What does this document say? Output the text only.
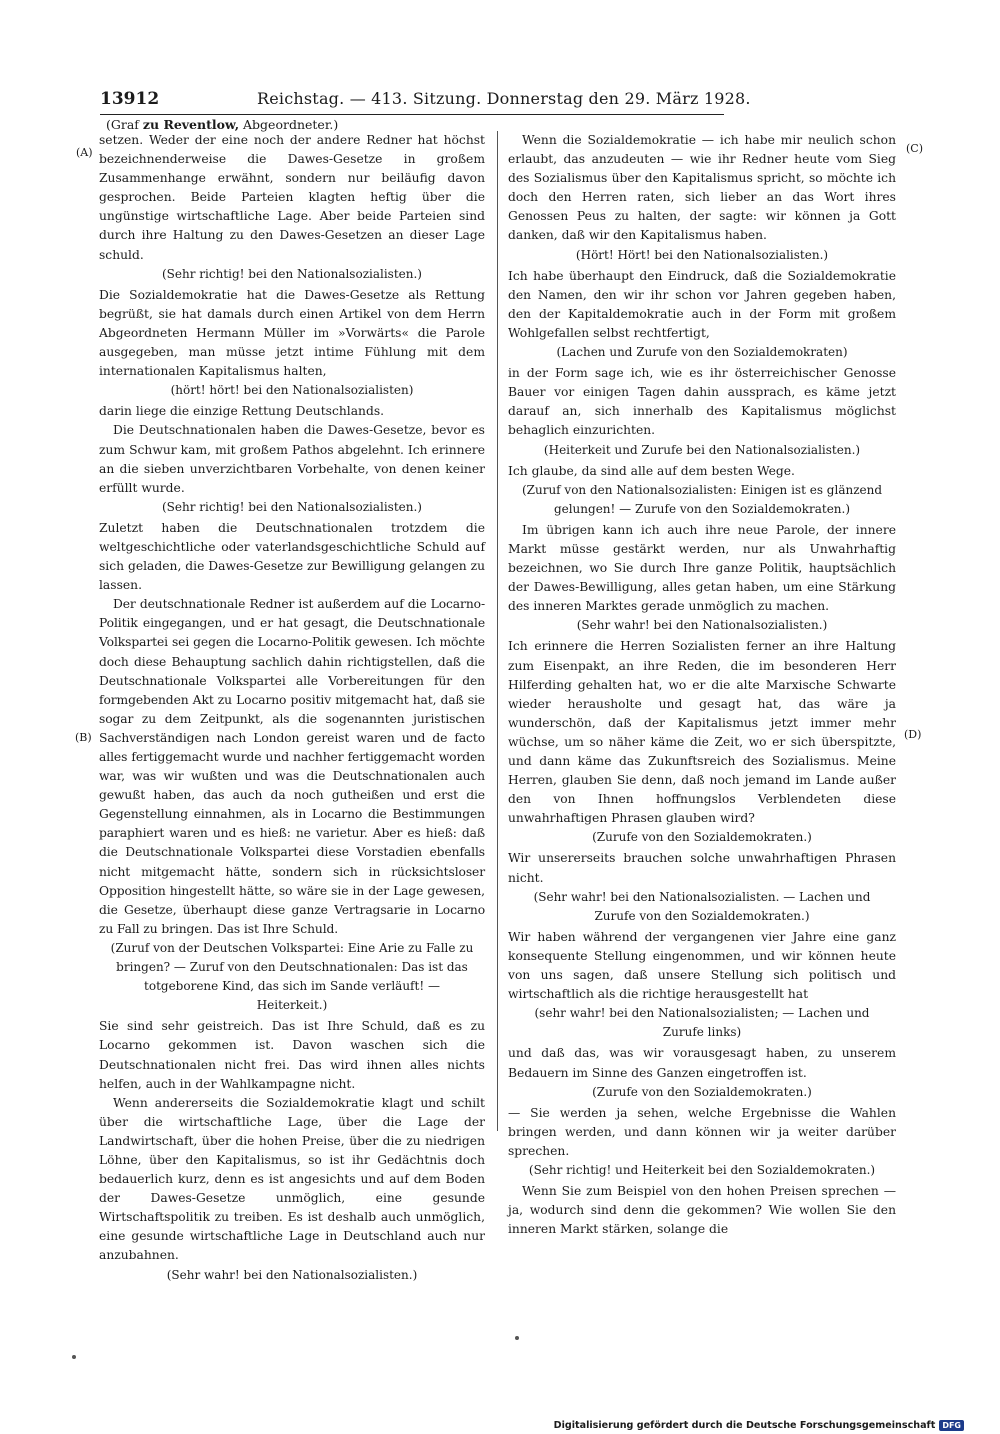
13912	Reichstag. — 413. Sitzung. Donnerstag den 29. März 1928.
(Graf zu Reventlow, Abgeordneter.)
(A)
(B)
(C)
(D)

setzen. Weder der eine noch der andere Redner hat höchst bezeichnenderweise die Dawes-Gesetze in großem Zusammenhange erwähnt, sondern nur beiläufig davon gesprochen. Beide Parteien klagten heftig über die ungünstige wirtschaftliche Lage. Aber beide Parteien sind durch ihre Haltung zu den Dawes-Gesetzen an dieser Lage schuld.

(Sehr richtig! bei den Nationalsozialisten.)

Die Sozialdemokratie hat die Dawes-Gesetze als Rettung begrüßt, sie hat damals durch einen Artikel von dem Herrn Abgeordneten Hermann Müller im »Vorwärts« die Parole ausgegeben, man müsse jetzt intime Fühlung mit dem internationalen Kapitalismus halten,

(hört! hört! bei den Nationalsozialisten)

darin liege die einzige Rettung Deutschlands.

Die Deutschnationalen haben die Dawes-Gesetze, bevor es zum Schwur kam, mit großem Pathos abgelehnt. Ich erinnere an die sieben unverzichtbaren Vorbehalte, von denen keiner erfüllt wurde.

(Sehr richtig! bei den Nationalsozialisten.)

Zuletzt haben die Deutschnationalen trotzdem die weltgeschichtliche oder vaterlandsgeschichtliche Schuld auf sich geladen, die Dawes-Gesetze zur Bewilligung gelangen zu lassen.

Der deutschnationale Redner ist außerdem auf die Locarno-Politik eingegangen, und er hat gesagt, die Deutschnationale Volkspartei sei gegen die Locarno-Politik gewesen. Ich möchte doch diese Behauptung sachlich dahin richtigstellen, daß die Deutschnationale Volkspartei alle Vorbereitungen für den formgebenden Akt zu Locarno positiv mitgemacht hat, daß sie sogar zu dem Zeitpunkt, als die sogenannten juristischen Sachverständigen nach London gereist waren und de facto alles fertiggemacht wurde und nachher fertiggemacht worden war, was wir wußten und was die Deutschnationalen auch gewußt haben, das auch da noch gutheißen und erst die Gegenstellung einnahmen, als in Locarno die Bestimmungen paraphiert waren und es hieß: ne varietur. Aber es hieß: daß die Deutschnationale Volkspartei diese Vorstadien ebenfalls nicht mitgemacht hätte, sondern sich in rücksichtsloser Opposition hingestellt hätte, so wäre sie in der Lage gewesen, die Gesetze, überhaupt diese ganze Vertragsarie in Locarno zu Fall zu bringen. Das ist Ihre Schuld.

(Zuruf von der Deutschen Volkspartei: Eine Arie zu Falle zu bringen? — Zuruf von den Deutschnationalen: Das ist das totgeborene Kind, das sich im Sande verläuft! — Heiterkeit.)

Sie sind sehr geistreich. Das ist Ihre Schuld, daß es zu Locarno gekommen ist. Davon waschen sich die Deutschnationalen nicht frei. Das wird ihnen alles nichts helfen, auch in der Wahlkampagne nicht.

Wenn andererseits die Sozialdemokratie klagt und schilt über die wirtschaftliche Lage, über die Lage der Landwirtschaft, über die hohen Preise, über die zu niedrigen Löhne, über den Kapitalismus, so ist ihr Gedächtnis doch bedauerlich kurz, denn es ist angesichts und auf dem Boden der Dawes-Gesetze unmöglich, eine gesunde Wirtschaftspolitik zu treiben. Es ist deshalb auch unmöglich, eine gesunde wirtschaftliche Lage in Deutschland auch nur anzubahnen.

(Sehr wahr! bei den Nationalsozialisten.)

Wenn die Sozialdemokratie — ich habe mir neulich schon erlaubt, das anzudeuten — wie ihr Redner heute vom Sieg des Sozialismus über den Kapitalismus spricht, so möchte ich doch den Herren raten, sich lieber an das Wort ihres Genossen Peus zu halten, der sagte: wir können ja Gott danken, daß wir den Kapitalismus haben.

(Hört! Hört! bei den Nationalsozialisten.)

Ich habe überhaupt den Eindruck, daß die Sozialdemokratie den Namen, den wir ihr schon vor Jahren gegeben haben, den der Kapitaldemokratie auch in der Form mit großem Wohlgefallen selbst rechtfertigt,

(Lachen und Zurufe von den Sozialdemokraten)

in der Form sage ich, wie es ihr österreichischer Genosse Bauer vor einigen Tagen dahin aussprach, es käme jetzt darauf an, sich innerhalb des Kapitalismus möglichst behaglich einzurichten.

(Heiterkeit und Zurufe bei den Nationalsozialisten.)

Ich glaube, da sind alle auf dem besten Wege.

(Zuruf von den Nationalsozialisten: Einigen ist es glänzend gelungen! — Zurufe von den Sozialdemokraten.)

Im übrigen kann ich auch ihre neue Parole, der innere Markt müsse gestärkt werden, nur als Unwahrhaftig bezeichnen, wo Sie durch Ihre ganze Politik, hauptsächlich der Dawes-Bewilligung, alles getan haben, um eine Stärkung des inneren Marktes gerade unmöglich zu machen.

(Sehr wahr! bei den Nationalsozialisten.)

Ich erinnere die Herren Sozialisten ferner an ihre Haltung zum Eisenpakt, an ihre Reden, die im besonderen Herr Hilferding gehalten hat, wo er die alte Marxische Schwarte wieder herausholte und gesagt hat, das wäre ja wunderschön, daß der Kapitalismus jetzt immer mehr wüchse, um so näher käme die Zeit, wo er sich überspitzte, und dann käme das Zukunftsreich des Sozialismus. Meine Herren, glauben Sie denn, daß noch jemand im Lande außer den von Ihnen hoffnungslos Verblendeten diese unwahrhaftigen Phrasen glauben wird?

(Zurufe von den Sozialdemokraten.)

Wir unsererseits brauchen solche unwahrhaftigen Phrasen nicht.

(Sehr wahr! bei den Nationalsozialisten. — Lachen und Zurufe von den Sozialdemokraten.)

Wir haben während der vergangenen vier Jahre eine ganz konsequente Stellung eingenommen, und wir können heute von uns sagen, daß unsere Stellung sich politisch und wirtschaftlich als die richtige herausgestellt hat

(sehr wahr! bei den Nationalsozialisten; — Lachen und Zurufe links)

und daß das, was wir vorausgesagt haben, zu unserem Bedauern im Sinne des Ganzen eingetroffen ist.

(Zurufe von den Sozialdemokraten.)

— Sie werden ja sehen, welche Ergebnisse die Wahlen bringen werden, und dann können wir ja weiter darüber sprechen.

(Sehr richtig! und Heiterkeit bei den Sozialdemokraten.)

Wenn Sie zum Beispiel von den hohen Preisen sprechen — ja, wodurch sind denn die gekommen? Wie wollen Sie den inneren Markt stärken, solange die

Digitalisierung gefördert durch die Deutsche Forschungsgemeinschaft DFG
